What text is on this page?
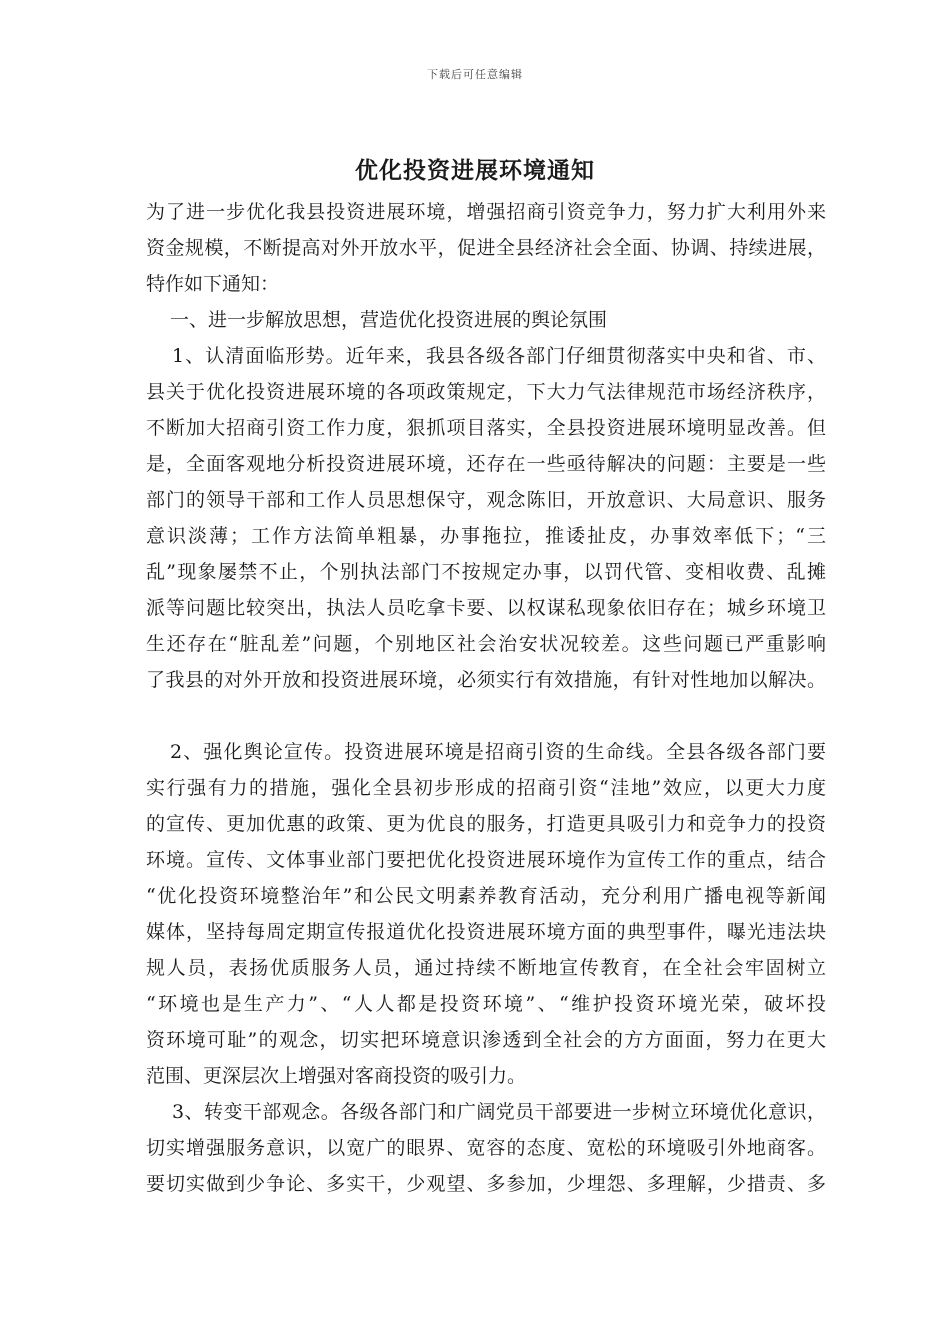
下载后可任意编辑
优化投资进展环境通知
为了进一步优化我县投资进展环境，增强招商引资竞争力，努力扩大利用外来
资金规模，不断提高对外开放水平，促进全县经济社会全面、协调、持续进展，
特作如下通知：
一、进一步解放思想，营造优化投资进展的舆论氛围
1、认清面临形势。近年来，我县各级各部门仔细贯彻落实中央和省、市、
县关于优化投资进展环境的各项政策规定，下大力气法律规范市场经济秩序，
不断加大招商引资工作力度，狠抓项目落实，全县投资进展环境明显改善。但
是，全面客观地分析投资进展环境，还存在一些亟待解决的问题：主要是一些
部门的领导干部和工作人员思想保守，观念陈旧，开放意识、大局意识、服务
意识淡薄；工作方法简单粗暴，办事拖拉，推诿扯皮，办事效率低下；“三
乱”现象屡禁不止，个别执法部门不按规定办事，以罚代管、变相收费、乱摊
派等问题比较突出，执法人员吃拿卡要、以权谋私现象依旧存在；城乡环境卫
生还存在“脏乱差”问题，个别地区社会治安状况较差。这些问题已严重影响
了我县的对外开放和投资进展环境，必须实行有效措施，有针对性地加以解决。
2、强化舆论宣传。投资进展环境是招商引资的生命线。全县各级各部门要
实行强有力的措施，强化全县初步形成的招商引资“洼地”效应，以更大力度
的宣传、更加优惠的政策、更为优良的服务，打造更具吸引力和竞争力的投资
环境。宣传、文体事业部门要把优化投资进展环境作为宣传工作的重点，结合
“优化投资环境整治年”和公民文明素养教育活动，充分利用广播电视等新闻
媒体，坚持每周定期宣传报道优化投资进展环境方面的典型事件，曝光违法块
规人员，表扬优质服务人员，通过持续不断地宣传教育，在全社会牢固树立
“环境也是生产力”、“人人都是投资环境”、“维护投资环境光荣，破坏投
资环境可耻”的观念，切实把环境意识渗透到全社会的方方面面，努力在更大
范围、更深层次上增强对客商投资的吸引力。
3、转变干部观念。各级各部门和广阔党员干部要进一步树立环境优化意识，
切实增强服务意识，以宽广的眼界、宽容的态度、宽松的环境吸引外地商客。
要切实做到少争论、多实干，少观望、多参加，少埋怨、多理解，少措责、多
